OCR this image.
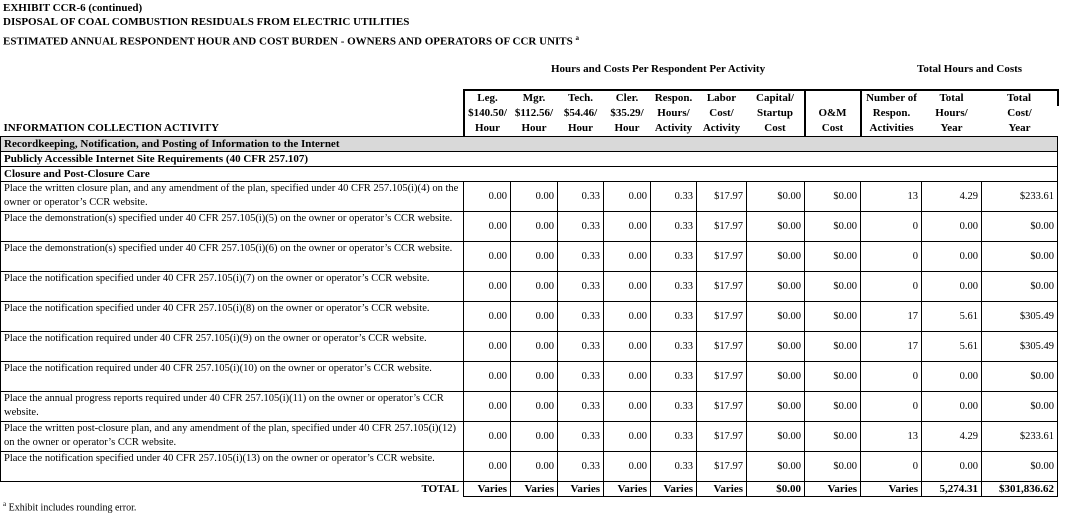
EXHIBIT CCR-6 (continued)
DISPOSAL OF COAL COMBUSTION RESIDUALS FROM ELECTRIC UTILITIES
ESTIMATED ANNUAL RESPONDENT HOUR AND COST BURDEN - OWNERS AND OPERATORS OF CCR UNITS $^a$
Hours and Costs Per Respondent Per Activity	Total Hours and Costs
	Leg.	Mgr.	Tech.	Cler.	Respon.	Labor	Capital/		Number of	Total	Total
	$140.50/	$112.56/	$54.46/	$35.29/	Hours/	Cost/	Startup	O&M	Respon.	Hours/	Cost/
INFORMATION COLLECTION ACTIVITY	Hour	Hour	Hour	Hour	Activity	Activity	Cost	Cost	Activities	Year	Year
Recordkeeping, Notification, and Posting of Information to the Internet											
Publicly Accessible Internet Site Requirements (40 CFR 257.107)											
Closure and Post-Closure Care											
Place the written closure plan, and any amendment of the plan, specified under 40 CFR 257.105(i)(4) on the owner or operator’s CCR website.	0.00	0.00	0.33	0.00	0.33	$17.97	$0.00	$0.00	13	4.29	$233.61
Place the demonstration(s) specified under 40 CFR 257.105(i)(5) on the owner or operator’s CCR website.	0.00	0.00	0.33	0.00	0.33	$17.97	$0.00	$0.00	0	0.00	$0.00
Place the demonstration(s) specified under 40 CFR 257.105(i)(6) on the owner or operator’s CCR website.	0.00	0.00	0.33	0.00	0.33	$17.97	$0.00	$0.00	0	0.00	$0.00
Place the notification specified under 40 CFR 257.105(i)(7) on the owner or operator’s CCR website.	0.00	0.00	0.33	0.00	0.33	$17.97	$0.00	$0.00	0	0.00	$0.00
Place the notification specified under 40 CFR 257.105(i)(8) on the owner or operator’s CCR website.	0.00	0.00	0.33	0.00	0.33	$17.97	$0.00	$0.00	17	5.61	$305.49
Place the notification required under 40 CFR 257.105(i)(9) on the owner or operator’s CCR website.	0.00	0.00	0.33	0.00	0.33	$17.97	$0.00	$0.00	17	5.61	$305.49
Place the notification required under 40 CFR 257.105(i)(10) on the owner or operator’s CCR website.	0.00	0.00	0.33	0.00	0.33	$17.97	$0.00	$0.00	0	0.00	$0.00
Place the annual progress reports required under 40 CFR 257.105(i)(11) on the owner or operator’s CCR website.	0.00	0.00	0.33	0.00	0.33	$17.97	$0.00	$0.00	0	0.00	$0.00
Place the written post-closure plan, and any amendment of the plan, specified under 40 CFR 257.105(i)(12) on the owner or operator’s CCR website.	0.00	0.00	0.33	0.00	0.33	$17.97	$0.00	$0.00	13	4.29	$233.61
Place the notification specified under 40 CFR 257.105(i)(13) on the owner or operator’s CCR website.	0.00	0.00	0.33	0.00	0.33	$17.97	$0.00	$0.00	0	0.00	$0.00
TOTAL	Varies	Varies	Varies	Varies	Varies	Varies	$0.00	Varies	Varies	5,274.31	$301,836.62
$^a$ Exhibit includes rounding error.
